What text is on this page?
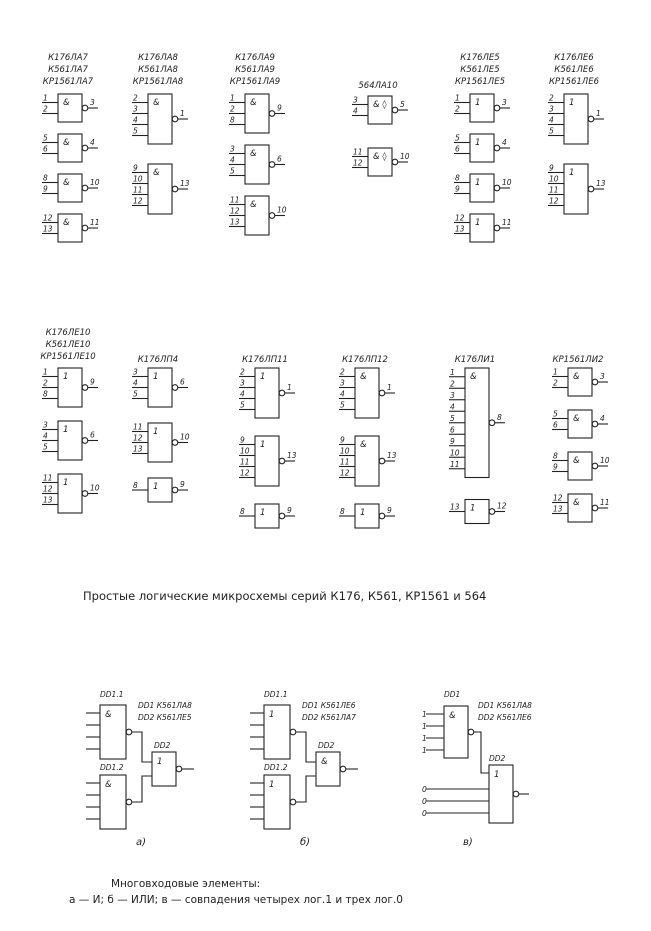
К176ЛА7
К561ЛА7
КР1561ЛА7
&
1
2
3
&
5
6
4
&
8
9
10
&
12
13
11
К176ЛА8
К561ЛА8
КР1561ЛА8
&
2
3
4
5
1
&
9
10
11
12
13
К176ЛА9
К561ЛА9
КР1561ЛА9
&
1
2
8
9
&
3
4
5
6
&
11
12
13
10
564ЛА10
& ◊
3
4
5
& ◊
11
12
10
К176ЛЕ5
К561ЛЕ5
КР1561ЛЕ5
1
1
2
3
1
5
6
4
1
8
9
10
1
12
13
11
К176ЛЕ6
К561ЛЕ6
КР1561ЛЕ6
1
2
3
4
5
1
1
9
10
11
12
13
К176ЛЕ10
К561ЛЕ10
КР1561ЛЕ10
1
1
2
8
9
1
3
4
5
6
1
11
12
13
10
К176ЛП4
1
3
4
5
6
1
11
12
13
10
1
8	9
К176ЛП11
1
2
3
4
5
1
1
9
10
11
12
13
1
8	9
К176ЛП12
&
2
3
4
5
1
&
9
10
11
12
13
1
8	9
К176ЛИ1
&
1
2
3
4
5
6
9
10
11
8
1
13	12
КР1561ЛИ2
&
1
2
3
&
5
6
4
&
8
9
10
&
12
13
11
Простые логические микросхемы серий К176, К561, КР1561 и 564
DD1.1
&
DD1.2
&
DD2
1
DD1 К561ЛА8
DD2 К561ЛЕ5
а)
DD1.1
1
DD1.2
1
DD2
&
DD1 К561ЛЕ6
DD2 К561ЛА7
б)
DD1
&
1
1
1
1
DD2
1
0
0
0
DD1 К561ЛА8
DD2 К561ЛЕ6
в)
Многовходовые элементы:
а — И; б — ИЛИ; в — совпадения четырех лог.1 и трех лог.0
